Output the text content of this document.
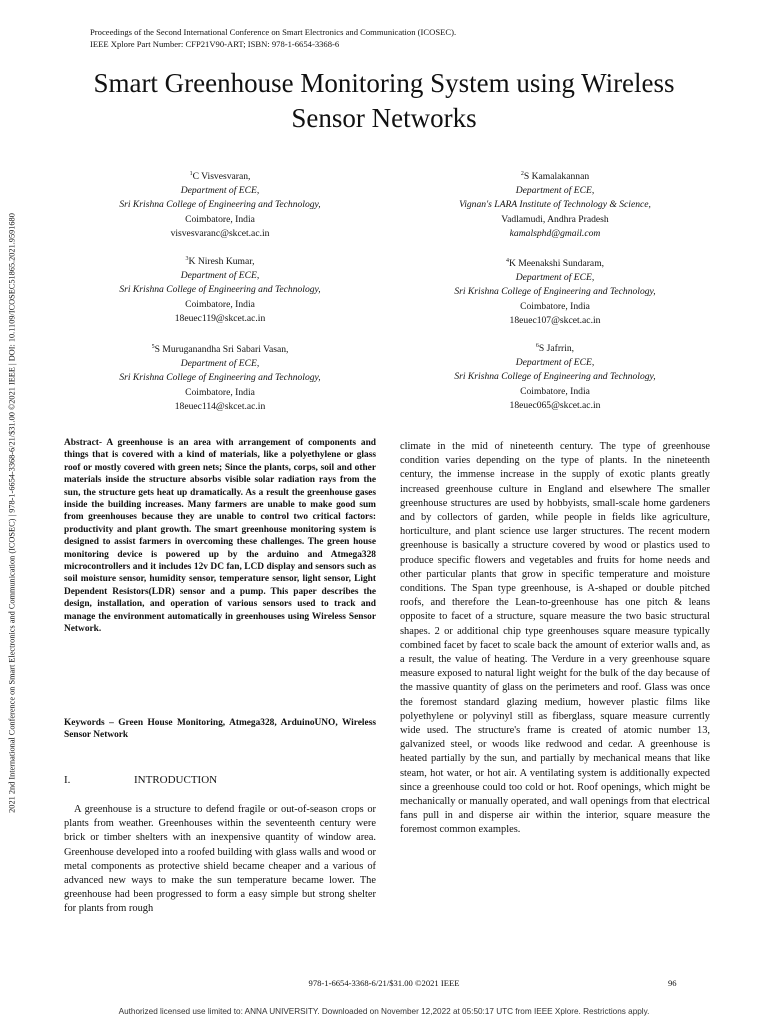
Proceedings of the Second International Conference on Smart Electronics and Communication (ICOSEC).
IEEE Xplore Part Number: CFP21V90-ART; ISBN: 978-1-6654-3368-6
2021 2nd International Conference on Smart Electronics and Communication (ICOSEC) | 978-1-6654-3368-6/21/$31.00 ©2021 IEEE | DOI: 10.1109/ICOSEC51865.2021.9591680
Smart Greenhouse Monitoring System using Wireless
Sensor Networks
$^1$C Visvesvaran,
Department of ECE,
Sri Krishna College of Engineering and Technology,
Coimbatore, India
visvesvaranc@skcet.ac.in
$^2$S Kamalakannan
Department of ECE,
Vignan's LARA Institute of Technology & Science,
Vadlamudi, Andhra Pradesh
kamalsphd@gmail.com
$^3$K Niresh Kumar,
Department of ECE,
Sri Krishna College of Engineering and Technology,
Coimbatore, India
18euec119@skcet.ac.in
$^4$K Meenakshi Sundaram,
Department of ECE,
Sri Krishna College of Engineering and Technology,
Coimbatore, India
18euec107@skcet.ac.in
$^5$S Muruganandha Sri Sabari Vasan,
Department of ECE,
Sri Krishna College of Engineering and Technology,
Coimbatore, India
18euec114@skcet.ac.in
$^6$S Jafrrin,
Department of ECE,
Sri Krishna College of Engineering and Technology,
Coimbatore, India
18euec065@skcet.ac.in
Abstract- A greenhouse is an area with arrangement of components and things that is covered with a kind of materials, like a polyethylene or glass roof or mostly covered with green nets; Since the plants, corps, soil and other materials inside the structure absorbs visible solar radiation rays from the sun, the structure gets heat up dramatically. As a result the greenhouse gases inside the building increases. Many farmers are unable to make good sum from greenhouses because they are unable to control two critical factors: productivity and plant growth. The smart greenhouse monitoring system is designed to assist farmers in overcoming these challenges. The green house monitoring device is powered up by the arduino and Atmega328 microcontrollers and it includes 12v DC fan, LCD display and sensors such as soil moisture sensor, humidity sensor, temperature sensor, light sensor, Light Dependent Resistors(LDR) sensor and a pump. This paper describes the design, installation, and operation of various sensors used to track and manage the environment automatically in greenhouses using Wireless Sensor Network.
Keywords – Green House Monitoring, Atmega328, ArduinoUNO, Wireless Sensor Network
I.	INTRODUCTION
A greenhouse is a structure to defend fragile or out-of-season crops or plants from weather. Greenhouses within the seventeenth century were brick or timber shelters with an inexpensive quantity of window area. Greenhouse developed into a roofed building with glass walls and wood or metal components as protective shield became cheaper and a various of advanced new ways to make the sun temperature became lower. The greenhouse had been progressed to form a easy simple but strong shelter for plants from rough
climate in the mid of nineteenth century. The type of greenhouse condition varies depending on the type of plants. In the nineteenth century, the immense increase in the supply of exotic plants greatly increased greenhouse culture in England and elsewhere The smaller greenhouse structures are used by hobbyists, small-scale home gardeners and by collectors of garden, while people in fields like agriculture, horticulture, and plant science use larger structures. The recent modern greenhouse is basically a structure covered by wood or plastics used to produce specific flowers and vegetables and fruits for home needs and other particular plants that grow in specific temperature and moisture conditions. The Span type greenhouse, is A-shaped or double pitched roofs, and therefore the Lean-to-greenhouse has one pitch & leans opposite to facet of a structure, square measure the two basic structural shapes. 2 or additional chip type greenhouses square measure typically combined facet by facet to scale back the amount of exterior walls and, as a result, the value of heating. The Verdure in a very greenhouse square measure exposed to natural light weight for the bulk of the day because of the massive quantity of glass on the perimeters and roof. Glass was once the foremost standard glazing medium, however plastic films like polyethylene or polyvinyl still as fiberglass, square measure currently wide used. The structure's frame is created of atomic number 13, galvanized steel, or woods like redwood and cedar. A greenhouse is heated partially by the sun, and partially by mechanical means that like steam, hot water, or hot air. A ventilating system is additionally expected since a greenhouse could too cold or hot. Roof openings, which might be mechanically or manually operated, and wall openings from that electrical fans pull in and disperse air within the interior, square measure the foremost common examples.
978-1-6654-3368-6/21/$31.00 ©2021 IEEE	96
Authorized licensed use limited to: ANNA UNIVERSITY. Downloaded on November 12,2022 at 05:50:17 UTC from IEEE Xplore. Restrictions apply.
